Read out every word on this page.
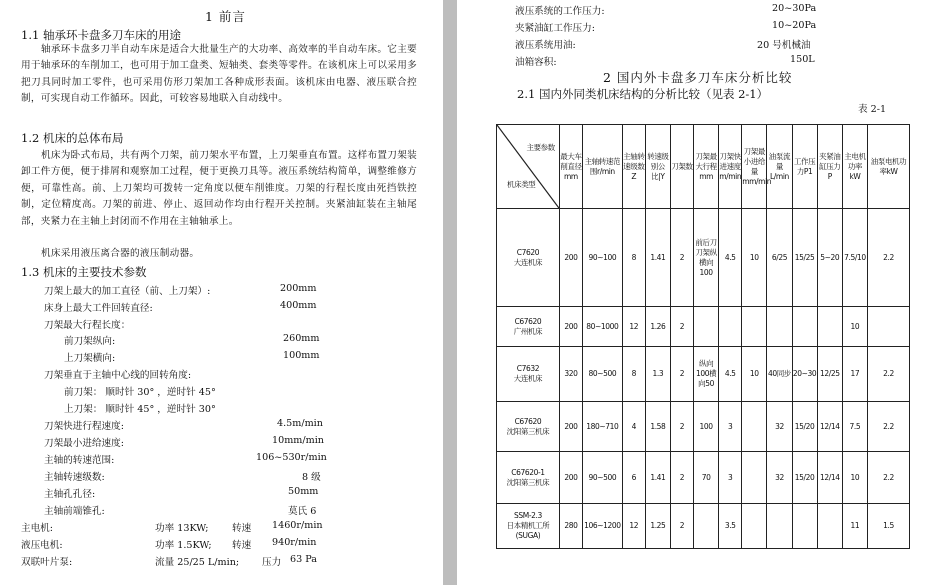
1 前言
1.1 轴承环卡盘多刀车床的用途
轴承环卡盘多刀半自动车床是适合大批量生产的大功率、高效率的半自动车床。它主要用于轴承环的车削加工，也可用于加工盘类、短轴类、套类等零件。在该机床上可以采用多把刀具同时加工零件，也可采用仿形刀架加工各种成形表面。该机床由电器、液压联合控制，可实现自动工作循环。因此，可较容易地联入自动线中。
1.2 机床的总体布局
机床为卧式布局，共有两个刀架，前刀架水平布置，上刀架垂直布置。这样布置刀架装卸工件方便，便于排屑和观察加工过程，便于更换刀具等。液压系统结构简单，调整维修方便，可靠性高。前、上刀架均可拨转一定角度以便车削锥度。刀架的行程长度由死挡铁控制，定位精度高。刀架的前进、停止、返回动作均由行程开关控制。夹紧油缸装在主轴尾部，夹紧力在主轴上封闭而不作用在主轴轴承上。
机床采用液压离合器的液压制动器。
1.3 机床的主要技术参数
刀架上最大的加工直径（前、上刀架）:	200mm
床身上最大工件回转直径:	400mm
刀架最大行程长度：
前刀架纵向:	260mm
上刀架横向:	100mm
刀架垂直于主轴中心线的回转角度:
前刀架： 顺时针 30° ，逆时针 45°
上刀架： 顺时针 45° ，逆时针 30°
刀架快进行程速度:	4.5m/min
刀架最小进给速度:	10mm/min
主轴的转速范围:	106~530r/min
主轴转速级数:	8 级
主轴孔孔径:	50mm
主轴前端锥孔:	莫氏 6
主电机:	功率 13KW; 转速 1460r/min
液压电机:	功率 1.5KW; 转速 940r/min
双联叶片泵:	流量 25/25 L/min; 压力 63 Pa
液压系统的工作压力:	20~30Pa
夹紧油缸工作压力:	10~20Pa
液压系统用油:	20 号机械油
油箱容积:	150L
2 国内外卡盘多刀车床分析比较
2.1 国内外同类机床结构的分析比较（见表 2-1）
表 2-1
主要参数
机床类型	最大车削直径mm	主轴转速范围r/min	主轴转速级数Z	转速级别公比|Y	刀架数	刀架最大行程mm	刀架快进速度m/min	刀架最小进给量mm/min	油泵流量L/min	工作压力P1	夹紧油缸压力P	主电机功率kW	油泵电机功率kW

C7620
大连机床	200	90~100	8	1.41	2	前后刀刀架纵横向100	4.5	10	6/25	15/25	5~20	7.5/10	2.2

C67620
广州机床	200	80~1000	12	1.26	2							10	

C7632
大连机床	320	80~500	8	1.3	2	纵向100横向50	4.5	10	40同步	20~30	12/25	17	2.2

C67620
沈阳第三机床	200	180~710	4	1.58	2	100	3		32	15/20	12/14	7.5	2.2

C67620-1
沈阳第三机床	200	90~500	6	1.41	2	70	3		32	15/20	12/14	10	2.2

SSM-2.3
日本精机工所(SUGA)	280	106~1200	12	1.25	2		3.5					11	1.5
